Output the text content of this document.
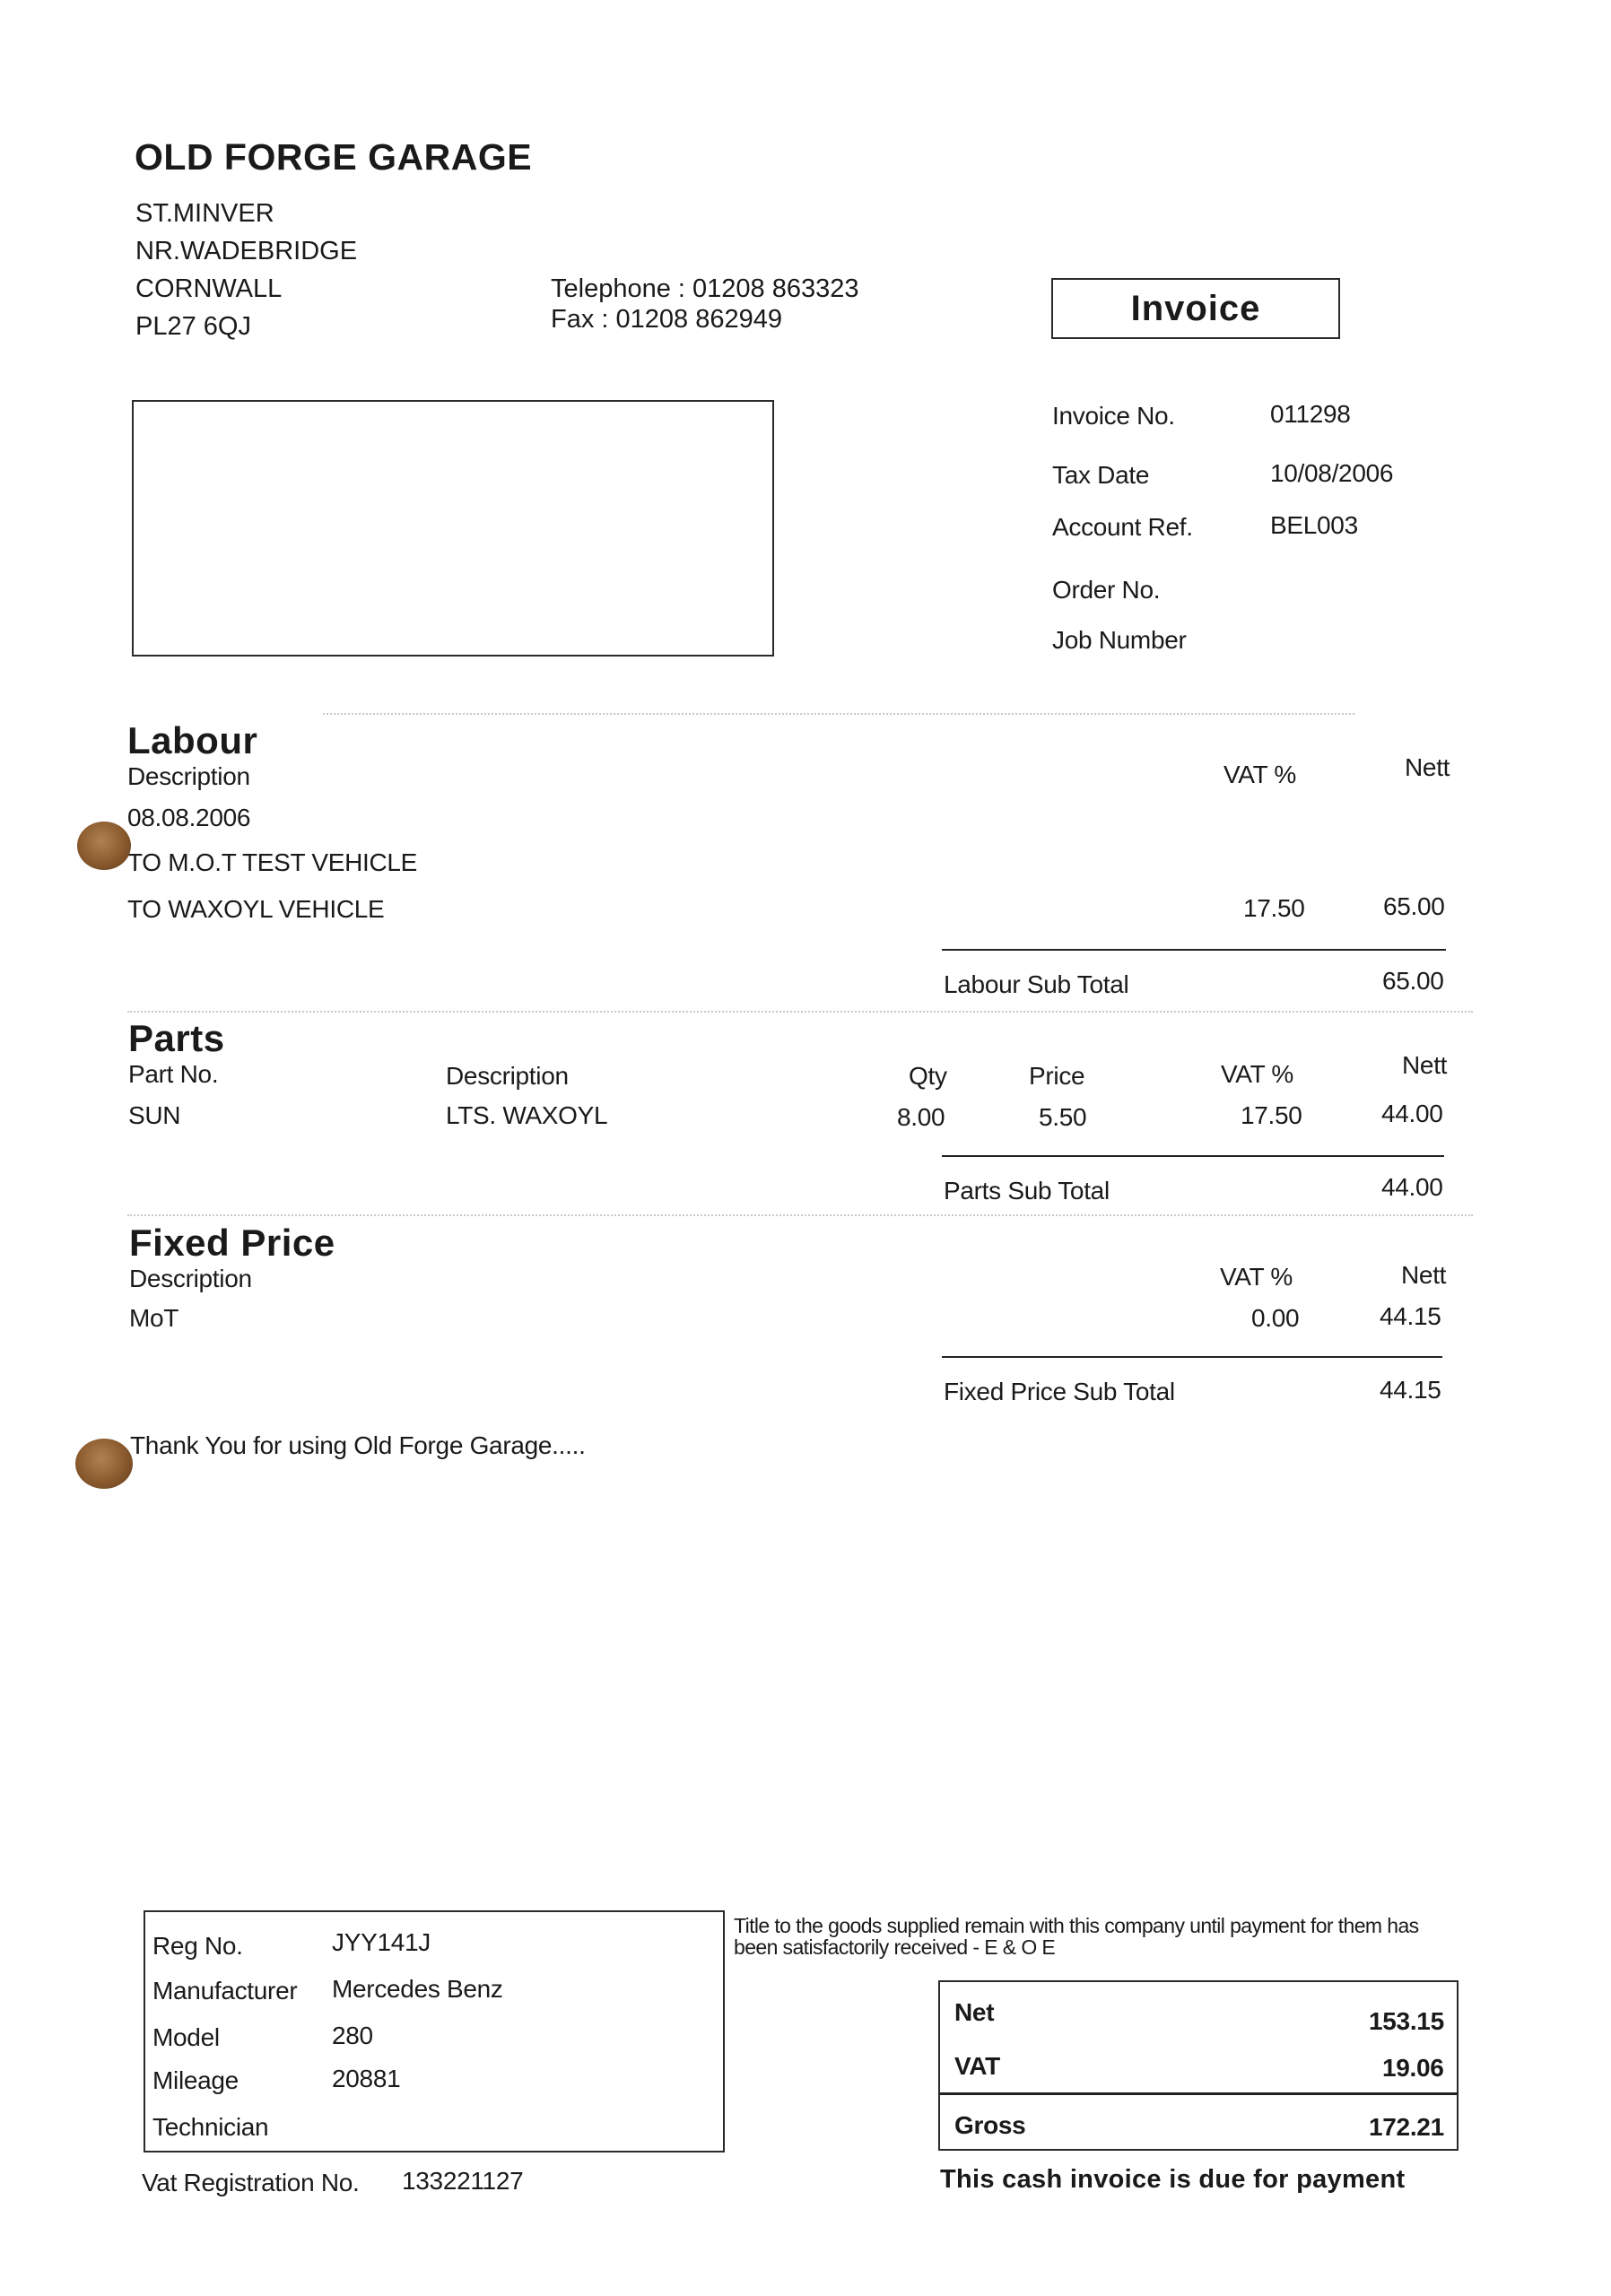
OLD FORGE GARAGE
ST.MINVER
NR.WADEBRIDGE
CORNWALL
PL27 6QJ
Telephone : 01208 863323
Fax : 01208 862949	Invoice
Invoice No.	011298
Tax Date	10/08/2006
Account Ref.	BEL003
Order No.
Job Number
Labour
Description	VAT %	Nett
08.08.2006
TO M.O.T TEST VEHICLE
TO WAXOYL VEHICLE	17.50	65.00
Labour Sub Total	65.00
Parts
Part No.	Description	Qty	Price	VAT %	Nett
SUN	LTS. WAXOYL	8.00	5.50	17.50	44.00
Parts Sub Total	44.00
Fixed Price
Description	VAT %	Nett
MoT	0.00	44.15
Fixed Price Sub Total	44.15
Thank You for using Old Forge Garage.....
Reg No.	JYY141J
Manufacturer Mercedes Benz
Model	280
Mileage	20881
Technician
Vat Registration No. 133221127
Title to the goods supplied remain with this company until payment for them has
been satisfactorily received - E & O E
Net	153.15
VAT	19.06
Gross	172.21
This cash invoice is due for payment
